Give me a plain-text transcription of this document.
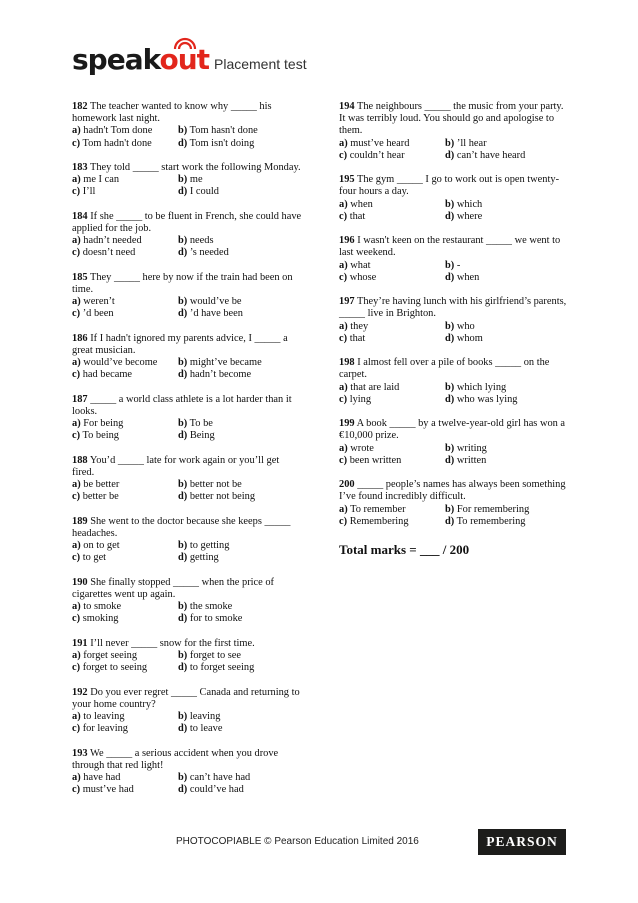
speakout Placement test
182 The teacher wanted to know why _____ his homework last night.
a) hadn't Tom done	b) Tom hasn't done
c) Tom hadn't done	d) Tom isn't doing
183 They told _____ start work the following Monday.
a) me I can	b) me
c) I’ll	d) I could
184 If she _____ to be fluent in French, she could have applied for the job.
a) hadn’t needed	b) needs
c) doesn’t need	d) ’s needed
185 They _____ here by now if the train had been on time.
a) weren’t	b) would’ve be
c) ’d been	d) ’d have been
186 If I hadn't ignored my parents advice, I _____ a great musician.
a) would’ve become	b) might’ve became
c) had became	d) hadn’t become
187 _____ a world class athlete is a lot harder than it looks.
a) For being	b) To be
c) To being	d) Being
188 You’d _____ late for work again or you’ll get fired.
a) be better	b) better not be
c) better be	d) better not being
189 She went to the doctor because she keeps _____ headaches.
a) on to get	b) to getting
c) to get	d) getting
190 She finally stopped _____ when the price of cigarettes went up again.
a) to smoke	b) the smoke
c) smoking	d) for to smoke
191 I’ll never _____ snow for the first time.
a) forget seeing	b) forget to see
c) forget to seeing	d) to forget seeing
192 Do you ever regret _____ Canada and returning to your home country?
a) to leaving	b) leaving
c) for leaving	d) to leave
193 We _____ a serious accident when you drove through that red light!
a) have had	b) can’t have had
c) must’ve had	d) could’ve had
194 The neighbours _____ the music from your party. It was terribly loud. You should go and apologise to them.
a) must’ve heard	b) ’ll hear
c) couldn’t hear	d) can’t have heard
195 The gym _____ I go to work out is open twenty-four hours a day.
a) when	b) which
c) that	d) where
196 I wasn't keen on the restaurant _____ we went to last weekend.
a) what	b) -
c) whose	d) when
197 They’re having lunch with his girlfriend’s parents, _____ live in Brighton.
a) they	b) who
c) that	d) whom
198 I almost fell over a pile of books _____ on the carpet.
a) that are laid	b) which lying
c) lying	d) who was lying
199 A book _____ by a twelve-year-old girl has won a €10,000 prize.
a) wrote	b) writing
c) been written	d) written
200 _____ people’s names has always been something I’ve found incredibly difficult.
a) To remember	b) For remembering
c) Remembering	d) To remembering
Total marks = ___ / 200
PHOTOCOPIABLE © Pearson Education Limited 2016	PEARSON
